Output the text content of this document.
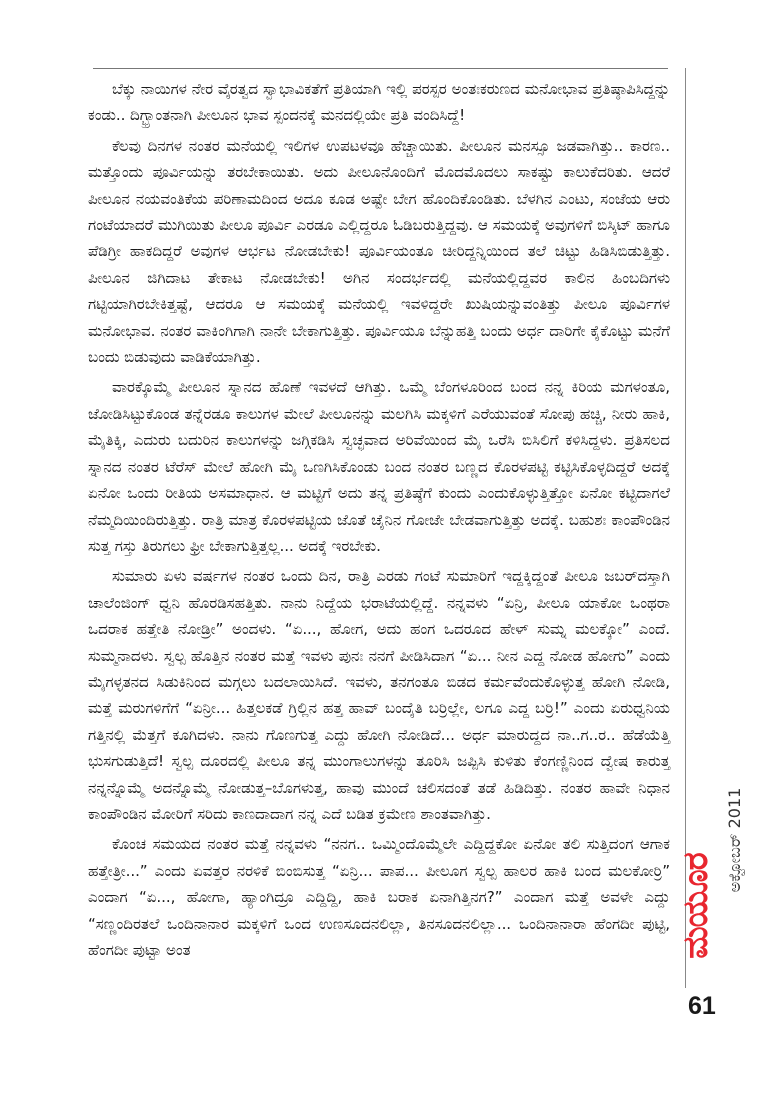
ಬೆಕ್ಕು ನಾಯಿಗಳ ನೇರ ವೈರತ್ವದ ಸ್ವಾಭಾವಿಕತೆಗೆ ಪ್ರತಿಯಾಗಿ ಇಲ್ಲಿ ಪರಸ್ಪರ ಅಂತಃಕರುಣದ ಮನೋಭಾವ ಪ್ರತಿಷ್ಠಾಪಿಸಿದ್ದನ್ನು ಕಂಡು.. ದಿಗ್ಭ್ರಾಂತನಾಗಿ ಪೀಲೂನ ಭಾವ ಸ್ಪಂದನಕ್ಕೆ ಮನದಲ್ಲಿಯೇ ಪ್ರತಿ ವಂದಿಸಿದ್ದೆ!

ಕೆಲವು ದಿನಗಳ ನಂತರ ಮನೆಯಲ್ಲಿ ಇಲಿಗಳ ಉಪಟಳವೂ ಹೆಚ್ಚಾಯಿತು. ಪೀಲೂನ ಮನಸ್ಸೂ ಜಡವಾಗಿತ್ತು.. ಕಾರಣ.. ಮತ್ತೊಂದು ಪೂರ್ವಿಯನ್ನು ತರಬೇಕಾಯಿತು. ಅದು ಪೀಲೂನೊಂದಿಗೆ ಮೊದಮೊದಲು ಸಾಕಷ್ಟು ಕಾಲುಕೆದರಿತು. ಆದರೆ ಪೀಲೂನ ನಯವಂತಿಕೆಯ ಪರಿಣಾಮದಿಂದ ಅದೂ ಕೂಡ ಅಷ್ಟೇ ಬೇಗ ಹೊಂದಿಕೊಂಡಿತು. ಬೆಳಗಿನ ಎಂಟು, ಸಂಜೆಯ ಆರು ಗಂಟೆಯಾದರೆ ಮುಗಿಯಿತು ಪೀಲೂ ಪೂರ್ವಿ ಎರಡೂ ಎಲ್ಲಿದ್ದರೂ ಓಡಿಬರುತ್ತಿದ್ದವು. ಆ ಸಮಯಕ್ಕೆ ಅವುಗಳಿಗೆ ಬಿಸ್ಕಿಟ್ ಹಾಗೂ ಪೆಡಿಗ್ರೀ ಹಾಕದಿದ್ದರೆ ಅವುಗಳ ಆರ್ಭಟ ನೋಡಬೇಕು! ಪೂರ್ವಿಯಂತೂ ಚೀರಿದ್ದನ್ನಿಯಿಂದ ತಲೆ ಚಿಟ್ಟು ಹಿಡಿಸಿಬಿಡುತ್ತಿತ್ತು. ಪೀಲೂನ ಜಿಗಿದಾಟ ತೇಕಾಟ ನೋಡಬೇಕು! ಅಗಿನ ಸಂದರ್ಭದಲ್ಲಿ ಮನೆಯಲ್ಲಿದ್ದವರ ಕಾಲಿನ ಹಿಂಬದಿಗಳು ಗಟ್ಟಿಯಾಗಿರಬೇಕಿತ್ತಷ್ಟೆ, ಆದರೂ ಆ ಸಮಯಕ್ಕೆ ಮನೆಯಲ್ಲಿ ಇವಳಿದ್ದರೇ ಖುಷಿಯನ್ನುವಂತಿತ್ತು ಪೀಲೂ ಪೂರ್ವಿಗಳ ಮನೋಭಾವ. ನಂತರ ವಾಕಿಂಗಿಗಾಗಿ ನಾನೇ ಬೇಕಾಗುತ್ತಿತ್ತು. ಪೂರ್ವಿಯೂ ಬೆನ್ನುಹತ್ತಿ ಬಂದು ಅರ್ಧ ದಾರಿಗೇ ಕೈಕೊಟ್ಟು ಮನೆಗೆ ಬಂದು ಬಿಡುವುದು ವಾಡಿಕೆಯಾಗಿತ್ತು.

ವಾರಕ್ಕೊಮ್ಮೆ ಪೀಲೂನ ಸ್ನಾನದ ಹೊಣೆ ಇವಳದೆ ಆಗಿತ್ತು. ಒಮ್ಮೆ ಬೆಂಗಳೂರಿಂದ ಬಂದ ನನ್ನ ಕಿರಿಯ ಮಗಳಂತೂ, ಜೋಡಿಸಿಟ್ಟುಕೊಂಡ ತನ್ನೆರಡೂ ಕಾಲುಗಳ ಮೇಲೆ ಪೀಲೂನನ್ನು ಮಲಗಿಸಿ ಮಕ್ಕಳಿಗೆ ಎರೆಯುವಂತೆ ಸೋಪು ಹಚ್ಚಿ, ನೀರು ಹಾಕಿ, ಮೈತಿಕ್ಕಿ, ಎದುರು ಬದುರಿನ ಕಾಲುಗಳನ್ನು ಜಗ್ಗಿಕಡಿಸಿ ಸ್ವಚ್ಛವಾದ ಅರಿವೆಯಿಂದ ಮೈ ಒರೆಸಿ ಬಿಸಿಲಿಗೆ ಕಳಿಸಿದ್ದಳು. ಪ್ರತಿಸಲದ ಸ್ನಾನದ ನಂತರ ಟೆರೆಸ್ ಮೇಲೆ ಹೋಗಿ ಮೈ ಒಣಗಿಸಿಕೊಂಡು ಬಂದ ನಂತರ ಬಣ್ಣದ ಕೊರಳಪಟ್ಟಿ ಕಟ್ಟಿಸಿಕೊಳ್ಳದಿದ್ದರೆ ಅದಕ್ಕೆ ಏನೋ ಒಂದು ರೀತಿಯ ಅಸಮಾಧಾನ. ಆ ಮಟ್ಟಿಗೆ ಅದು ತನ್ನ ಪ್ರತಿಷ್ಠೆಗೆ ಕುಂದು ಎಂದುಕೊಳ್ಳುತ್ತಿತ್ತೋ ಏನೋ ಕಟ್ಟಿದಾಗಲೆ ನೆಮ್ಮದಿಯಿಂದಿರುತ್ತಿತ್ತು. ರಾತ್ರಿ ಮಾತ್ರ ಕೊರಳಪಟ್ಟಿಯ ಜೊತೆ ಚೈನಿನ ಗೋಜೇ ಬೇಡವಾಗುತ್ತಿತ್ತು ಅದಕ್ಕೆ. ಬಹುಶಃ ಕಾಂಪೌಂಡಿನ ಸುತ್ತ ಗಸ್ತು ತಿರುಗಲು ಫ್ರೀ ಬೇಕಾಗುತ್ತಿತ್ತಲ್ಲ... ಅದಕ್ಕೆ ಇರಬೇಕು.

ಸುಮಾರು ಏಳು ವರ್ಷಗಳ ನಂತರ ಒಂದು ದಿನ, ರಾತ್ರಿ ಎರಡು ಗಂಟೆ ಸುಮಾರಿಗೆ ಇದ್ದಕ್ಕಿದ್ದಂತೆ ಪೀಲೂ ಜಬರ್‌ದಸ್ತಾಗಿ ಚಾಲೆಂಜಿಂಗ್ ಧ್ವನಿ ಹೊರಡಿಸಹತ್ತಿತು. ನಾನು ನಿದ್ದೆಯ ಭರಾಟೆಯಲ್ಲಿದ್ದೆ. ನನ್ನವಳು “ಏನ್ರಿ, ಪೀಲೂ ಯಾಕೋ ಒಂಥರಾ ಒದರಾಕ ಹತ್ತೇತಿ ನೋಡ್ರೀ” ಅಂದಳು. “ಏ..., ಹೋಗ, ಅದು ಹಂಗ ಒದರೂದ ಹೇಳ್ ಸುಮ್ನ ಮಲಕ್ಕೋ” ಎಂದೆ. ಸುಮ್ಮನಾದಳು. ಸ್ವಲ್ಪ ಹೊತ್ತಿನ ನಂತರ ಮತ್ತೆ ಇವಳು ಪುನಃ ನನಗೆ ಪೀಡಿಸಿದಾಗ “ಏ... ನೀನ ಎದ್ದ ನೋಡ ಹೋಗು” ಎಂದು ಮೈಗಳ್ಳತನದ ಸಿಡುಕಿನಿಂದ ಮಗ್ಗಲು ಬದಲಾಯಿಸಿದೆ. ಇವಳು, ತನಗಂತೂ ಬಿಡದ ಕರ್ಮವೆಂದುಕೊಳ್ಳುತ್ತ ಹೋಗಿ ನೋಡಿ, ಮತ್ತೆ ಮರುಗಳಿಗೆಗೆ “ಏನ್ರೀ... ಹಿತ್ತಲಕಡೆ ಗ್ರಿಲ್ಲಿನ ಹತ್ತ ಹಾವ್ ಬಂದೈತಿ ಬರ್ರಿಲ್ಲೇ, ಲಗೂ ಎದ್ದ ಬರ್ರಿ!” ಎಂದು ಏರುಧ್ವನಿಯ ಗತ್ತಿನಲ್ಲಿ ಮೆತ್ತಗೆ ಕೂಗಿದಳು. ನಾನು ಗೊಣಗುತ್ತ ಎದ್ದು ಹೋಗಿ ನೋಡಿದೆ... ಅರ್ಧ ಮಾರುದ್ದದ ನಾ..ಗ..ರ.. ಹೆಡೆಯೆತ್ತಿ ಭುಸಗುಡುತ್ತಿದೆ! ಸ್ವಲ್ಪ ದೂರದಲ್ಲಿ ಪೀಲೂ ತನ್ನ ಮುಂಗಾಲುಗಳನ್ನು ತೂರಿಸಿ ಜಪ್ಪಿಸಿ ಕುಳಿತು ಕೆಂಗಣ್ಣಿನಿಂದ ದ್ವೇಷ ಕಾರುತ್ತ ನನ್ನನ್ನೊಮ್ಮೆ ಅದನ್ನೊಮ್ಮೆ ನೋಡುತ್ತ–ಬೊಗಳುತ್ತ, ಹಾವು ಮುಂದೆ ಚಲಿಸದಂತೆ ತಡೆ ಹಿಡಿದಿತ್ತು. ನಂತರ ಹಾವೇ ನಿಧಾನ ಕಾಂಪೌಂಡಿನ ಮೋರಿಗೆ ಸರಿದು ಕಾಣದಾದಾಗ ನನ್ನ ಎದೆ ಬಡಿತ ಕ್ರಮೇಣ ಶಾಂತವಾಗಿತ್ತು.

ಕೊಂಚ ಸಮಯದ ನಂತರ ಮತ್ತೆ ನನ್ನವಳು “ನನಗ.. ಒಮ್ಮಿಂದೊಮ್ಮೆಲೇ ಎದ್ದಿದ್ದಕೋ ಏನೋ ತಲಿ ಸುತ್ತಿದಂಗ ಆಗಾಕ ಹತ್ತೇತ್ರೀ...” ಎಂದು ಏವತ್ತರ ನರಳಿಕೆ ಬಿಂಬಿಸುತ್ತ “ಏನ್ರಿ... ಪಾಪ... ಪೀಲೂಗ ಸ್ವಲ್ಪ ಹಾಲರ ಹಾಕಿ ಬಂದ ಮಲಕೋರ್ರಿ” ಎಂದಾಗ “ಏ..., ಹೋಗಾ, ಹ್ಯಾಂಗಿದ್ರೂ ಎದ್ದಿದ್ದಿ, ಹಾಕಿ ಬರಾಕ ಏನಾಗಿತ್ತಿನಗ?” ಎಂದಾಗ ಮತ್ತೆ ಅವಳೇ ಎದ್ದು “ಸಣ್ಣಂದಿರತಲೆ ಒಂದಿನಾನಾರ ಮಕ್ಕಳಿಗೆ ಒಂದ ಉಣಸೂದನಲಿಲ್ಲಾ, ತಿನಸೂದನಲಿಲ್ಲಾ... ಒಂದಿನಾನಾರಾ ಹೆಂಗದೀ ಪುಟ್ಟಿ, ಹೆಂಗದೀ ಪುಟ್ಟಾ ಅಂತ	ಮಯೂರ
ಅಕ್ಟೋಬರ್ 2011
61
